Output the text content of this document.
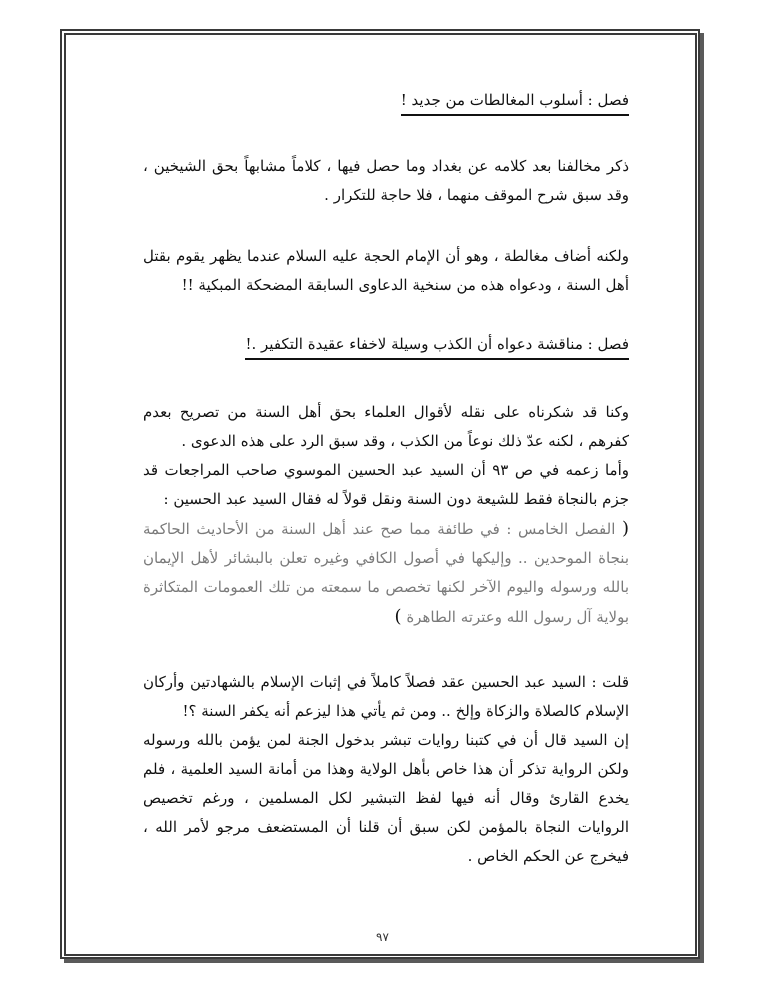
فصل : أسلوب المغالطات من جديد !

ذكر مخالفنا بعد كلامه عن بغداد وما حصل فيها ، كلاماً مشابهاً بحق الشيخين ، وقد سبق شرح الموقف منهما ، فلا حاجة للتكرار .

ولكنه أضاف مغالطة ، وهو أن الإمام الحجة عليه السلام عندما يظهر يقوم بقتل أهل السنة ، ودعواه هذه من سنخية الدعاوى السابقة المضحكة المبكية !!

فصل : مناقشة دعواه أن الكذب وسيلة لاخفاء عقيدة التكفير .!

وكنا قد شكرناه على نقله لأقوال العلماء بحق أهل السنة من تصريح بعدم كفرهم ، لكنه عدّ ذلك نوعاً من الكذب ، وقد سبق الرد على هذه الدعوى .

وأما زعمه في ص ٩٣ أن السيد عبد الحسين الموسوي صاحب المراجعات قد جزم بالنجاة فقط للشيعة دون السنة ونقل قولاً له فقال السيد عبد الحسين :

( الفصل الخامس : في طائفة مما صح عند أهل السنة من الأحاديث الحاكمة بنجاة الموحدين .. وإليكها في أصول الكافي وغيره تعلن بالبشائر لأهل الإيمان بالله ورسوله واليوم الآخر لكنها تخصص ما سمعته من تلك العمومات المتكاثرة بولاية آل رسول الله وعترته الطاهرة )

قلت : السيد عبد الحسين عقد فصلاً كاملاً في إثبات الإسلام بالشهادتين وأركان الإسلام كالصلاة والزكاة وإلخ .. ومن ثم يأتي هذا ليزعم أنه يكفر السنة ؟!

إن السيد قال أن في كتبنا روايات تبشر بدخول الجنة لمن يؤمن بالله ورسوله ولكن الرواية تذكر أن هذا خاص بأهل الولاية وهذا من أمانة السيد العلمية ، فلم يخدع القارئ وقال أنه فيها لفظ التبشير لكل المسلمين ، ورغم تخصيص الروايات النجاة بالمؤمن لكن سبق أن قلنا أن المستضعف مرجو لأمر الله ، فيخرج عن الحكم الخاص .

٩٧
